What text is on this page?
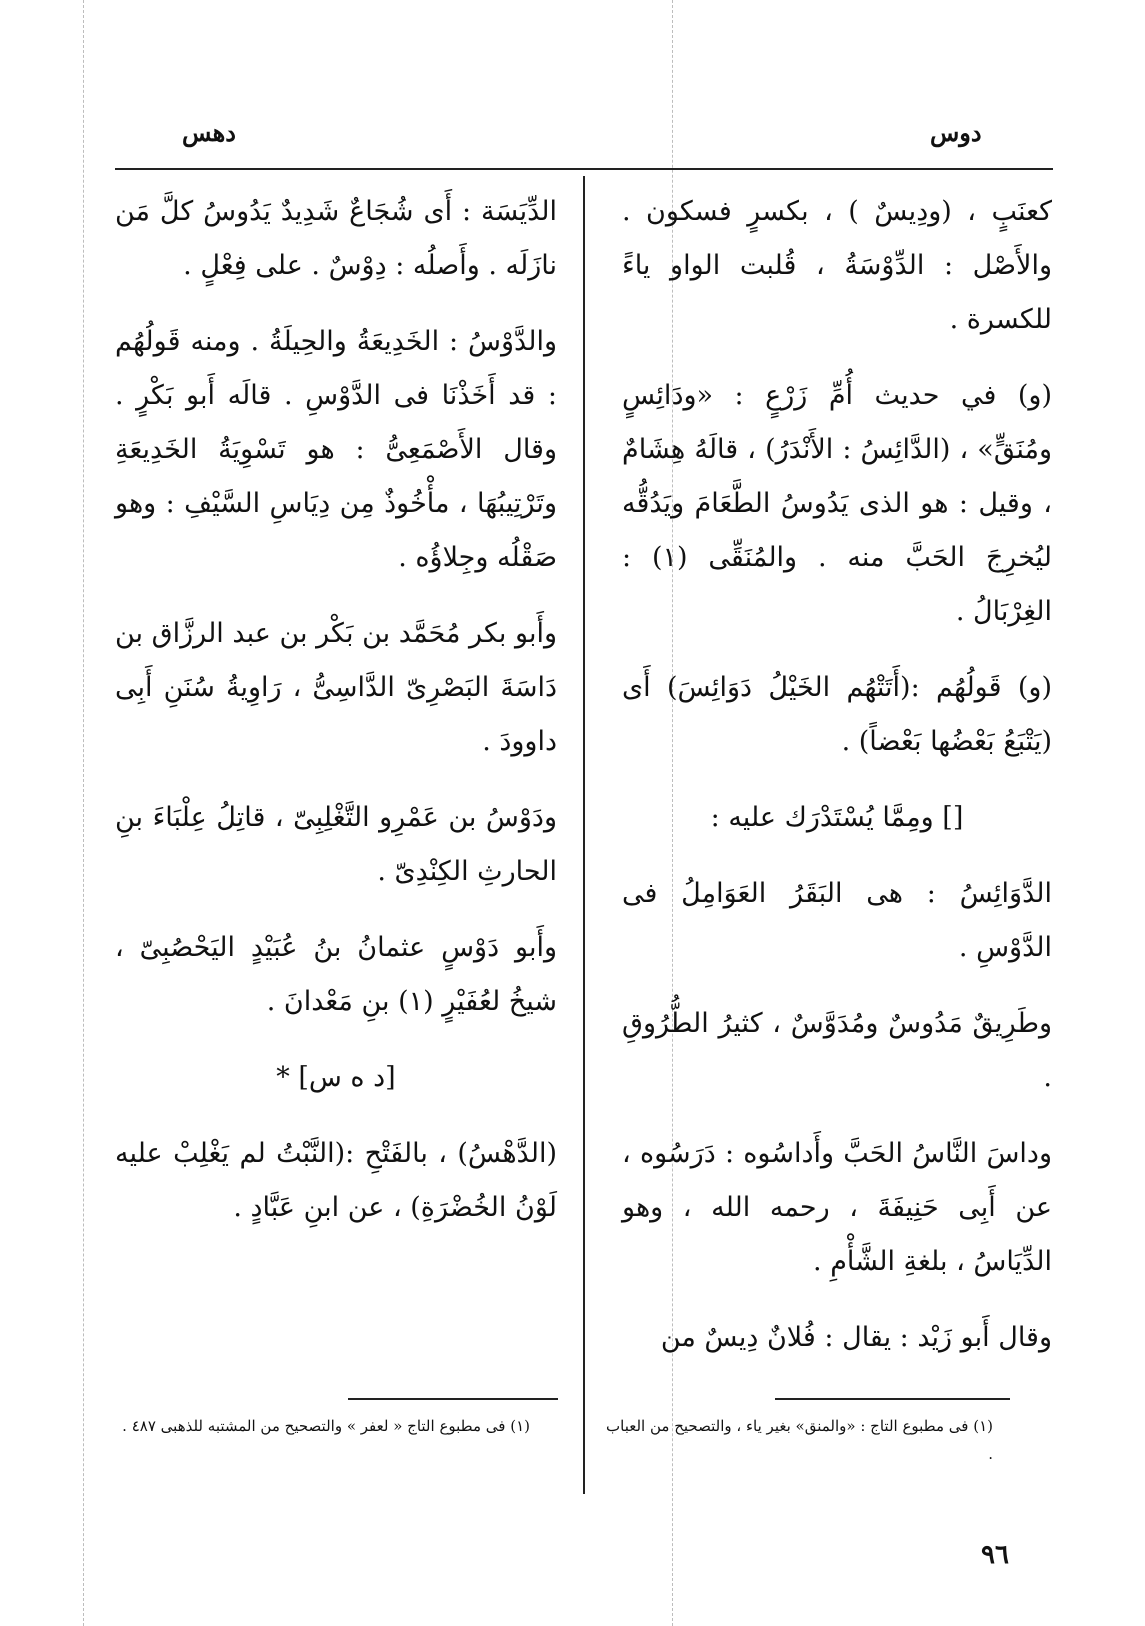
دوس
دهس

كعنَبٍ ، (ودِيسٌ ) ، بكسرٍ فسكون . والأَصْل : الدِّوْسَةُ ، قُلبت الواو ياءً للكسرة .

(و) في حديث أُمِّ زَرْعٍ : «ودَائِسٍ ومُنَقٍّ» ، (الدَّائِسُ : الأَنْدَرُ) ، قالَهُ هِشَامٌ ، وقيل : هو الذى يَدُوسُ الطَّعَامَ ويَدُقُّه ليُخرِجَ الحَبَّ منه . والمُنَقِّى (١) : الغِرْبَالُ .

(و) قَولُهُم :(أَتَتْهُم الخَيْلُ دَوَائِسَ) أَى (يَتْبَعُ بَعْضُها بَعْضاً) .

[] ومِمَّا يُسْتَدْرَك عليه :

الدَّوَائِسُ : هى البَقَرُ العَوَامِلُ فى الدَّوْسِ .

وطَرِيقٌ مَدُوسٌ ومُدَوَّسٌ ، كثيرُ الطُّرُوقِ .

وداسَ النَّاسُ الحَبَّ وأَداسُوه : دَرَسُوه ، عن أَبِى حَنِيفَةَ ، رحمه الله ، وهو الدِّيَاسُ ، بلغةِ الشَّأْمِ .

وقال أَبو زَيْد : يقال : فُلانٌ دِيسٌ من

الدِّيَسَة : أَى شُجَاعٌ شَدِيدٌ يَدُوسُ كلَّ مَن نازَلَه . وأَصلُه : دِوْسٌ . على فِعْلٍ .

والدَّوْسُ : الخَدِيعَةُ والحِيلَةُ . ومنه قَولُهُم : قد أَخَذْنَا فى الدَّوْسِ . قالَه أَبو بَكْرٍ . وقال الأَصْمَعِىُّ : هو تَسْوِيَةُ الخَدِيعَةِ وتَرْتِيبُهَا ، مأْخُوذٌ مِن دِيَاسِ السَّيْفِ : وهو صَقْلُه وجِلاؤُه .

وأَبو بكر مُحَمَّد بن بَكْر بن عبد الرزَّاق بن دَاسَةَ البَصْرِىّ الدَّاسِىُّ ، رَاوِيةُ سُنَنِ أَبِى داوودَ .

ودَوْسُ بن عَمْرِو التَّغْلِبِىّ ، قاتِلُ عِلْبَاءَ بنِ الحارثِ الكِنْدِىّ .

وأَبو دَوْسٍ عثمانُ بنُ عُبَيْدٍ اليَحْصُبِىّ ، شيخُ لعُفَيْرٍ (١) بنِ مَعْدانَ .

[د ه س] *

(الدَّهْسُ) ، بالفَتْحِ :(النَّبْتُ لم يَغْلِبْ عليه لَوْنُ الخُضْرَةِ) ، عن ابنِ عَبَّادٍ .

(١) فى مطبوع التاج : «والمنق» بغير ياء ، والتصحيح من العباب .
(١) فى مطبوع التاج « لعفر » والتصحيح من المشتبه للذهبى ٤٨٧ .
٩٦
